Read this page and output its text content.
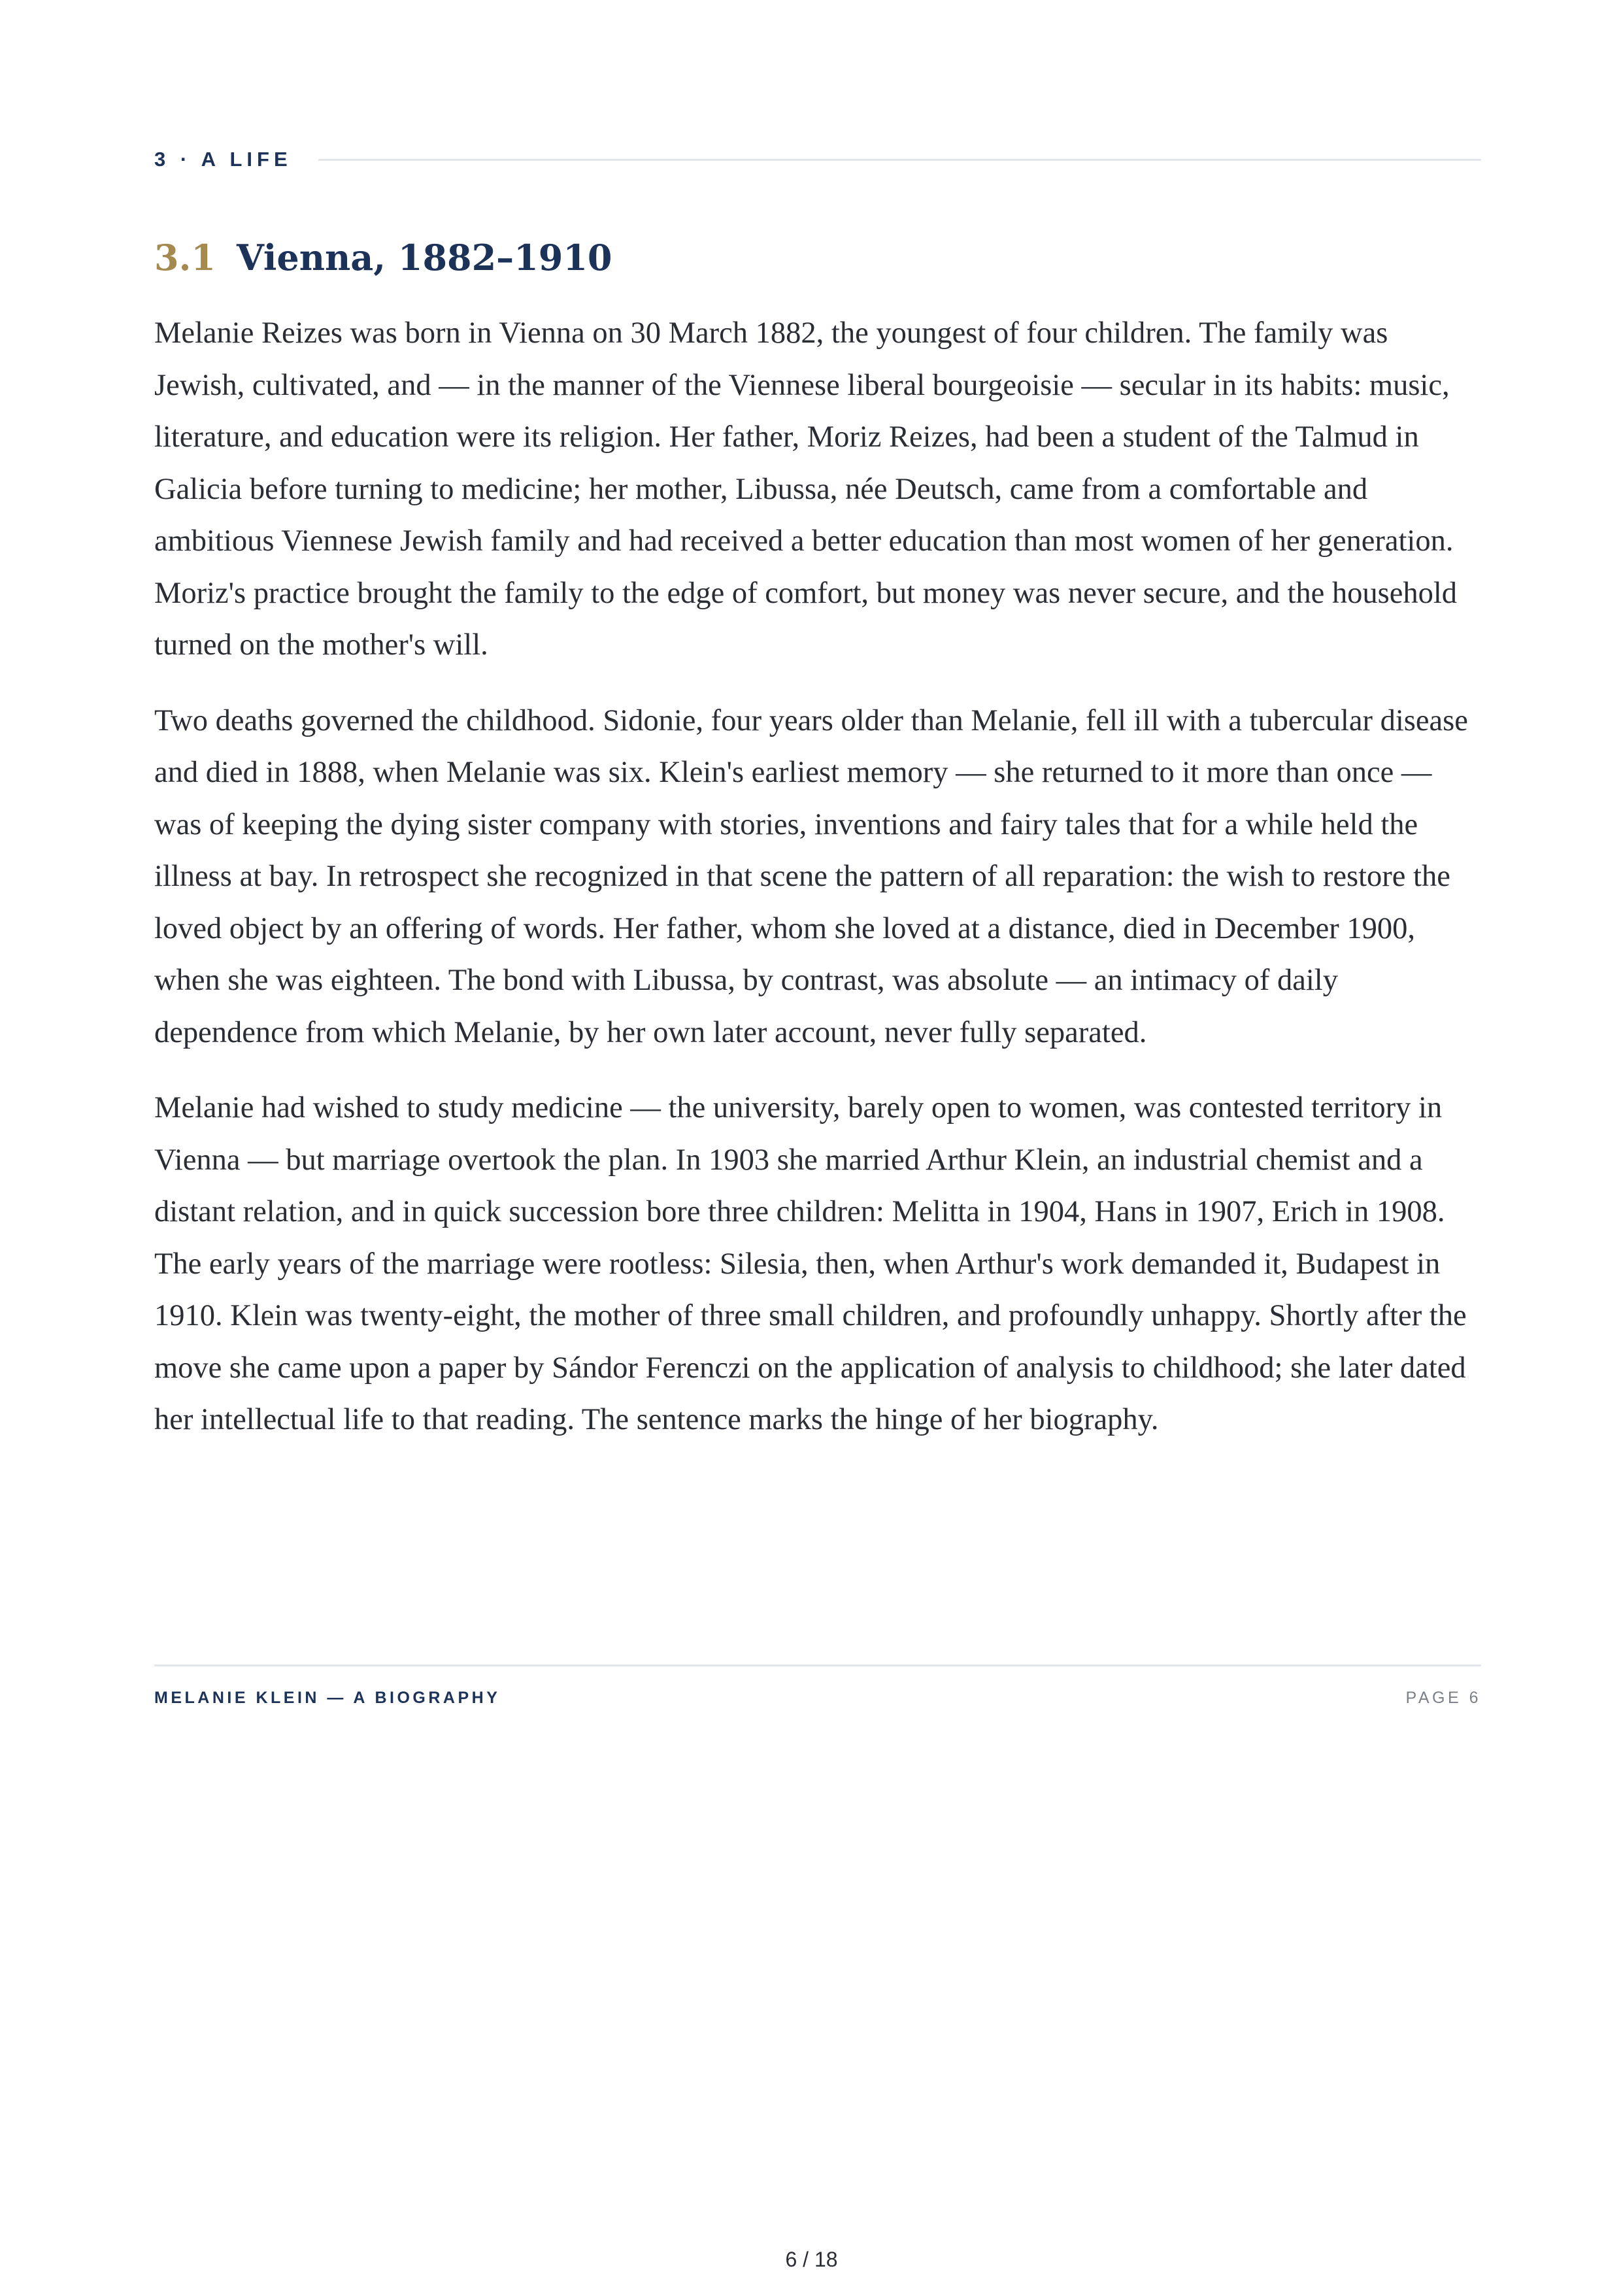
3 · A LIFE
3.1 Vienna, 1882–1910

Melanie Reizes was born in Vienna on 30 March 1882, the youngest of four children. The family was Jewish, cultivated, and — in the manner of the Viennese liberal bourgeoisie — secular in its habits: music, literature, and education were its religion. Her father, Moriz Reizes, had been a student of the Talmud in Galicia before turning to medicine; her mother, Libussa, née Deutsch, came from a comfortable and ambitious Viennese Jewish family and had received a better education than most women of her generation. Moriz's practice brought the family to the edge of comfort, but money was never secure, and the household turned on the mother's will.

Two deaths governed the childhood. Sidonie, four years older than Melanie, fell ill with a tubercular disease and died in 1888, when Melanie was six. Klein's earliest memory — she returned to it more than once — was of keeping the dying sister company with stories, inventions and fairy tales that for a while held the illness at bay. In retrospect she recognized in that scene the pattern of all reparation: the wish to restore the loved object by an offering of words. Her father, whom she loved at a distance, died in December 1900, when she was eighteen. The bond with Libussa, by contrast, was absolute — an intimacy of daily dependence from which Melanie, by her own later account, never fully separated.

Melanie had wished to study medicine — the university, barely open to women, was contested territory in Vienna — but marriage overtook the plan. In 1903 she married Arthur Klein, an industrial chemist and a distant relation, and in quick succession bore three children: Melitta in 1904, Hans in 1907, Erich in 1908. The early years of the marriage were rootless: Silesia, then, when Arthur's work demanded it, Budapest in 1910. Klein was twenty-eight, the mother of three small children, and profoundly unhappy. Shortly after the move she came upon a paper by Sándor Ferenczi on the application of analysis to childhood; she later dated her intellectual life to that reading. The sentence marks the hinge of her biography.

MELANIE KLEIN — A BIOGRAPHY	PAGE 6
6 / 18
